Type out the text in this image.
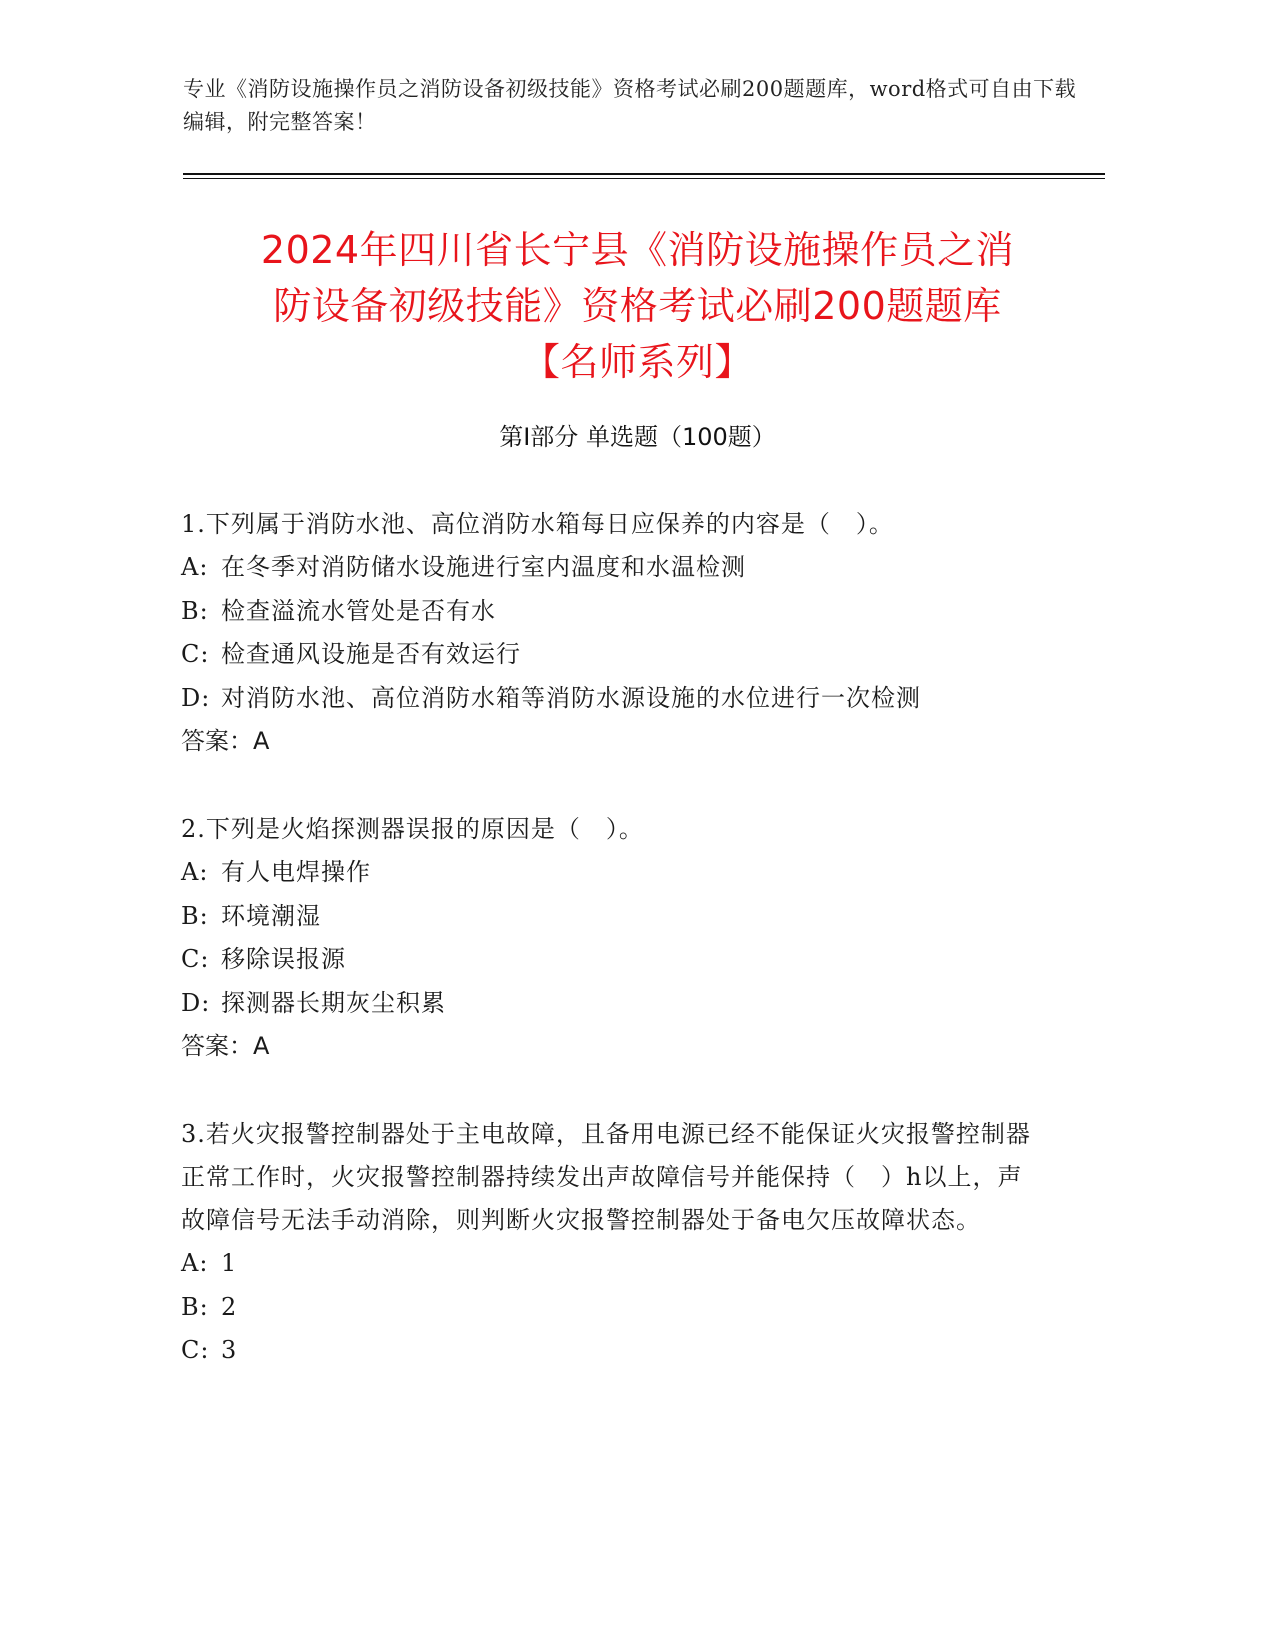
专业《消防设施操作员之消防设备初级技能》资格考试必刷200题题库，word格式可自由下载编辑，附完整答案！
2024年四川省长宁县《消防设施操作员之消
防设备初级技能》资格考试必刷200题题库
【名师系列】
第Ⅰ部分 单选题（100题）
1.下列属于消防水池、高位消防水箱每日应保养的内容是（　）。
A: 在冬季对消防储水设施进行室内温度和水温检测
B: 检查溢流水管处是否有水
C: 检查通风设施是否有效运行
D: 对消防水池、高位消防水箱等消防水源设施的水位进行一次检测
答案：A
2.下列是火焰探测器误报的原因是（　）。
A: 有人电焊操作
B: 环境潮湿
C: 移除误报源
D: 探测器长期灰尘积累
答案：A
3.若火灾报警控制器处于主电故障，且备用电源已经不能保证火灾报警控制器正常工作时，火灾报警控制器持续发出声故障信号并能保持（　）h以上，声故障信号无法手动消除，则判断火灾报警控制器处于备电欠压故障状态。
A: 1
B: 2
C: 3
